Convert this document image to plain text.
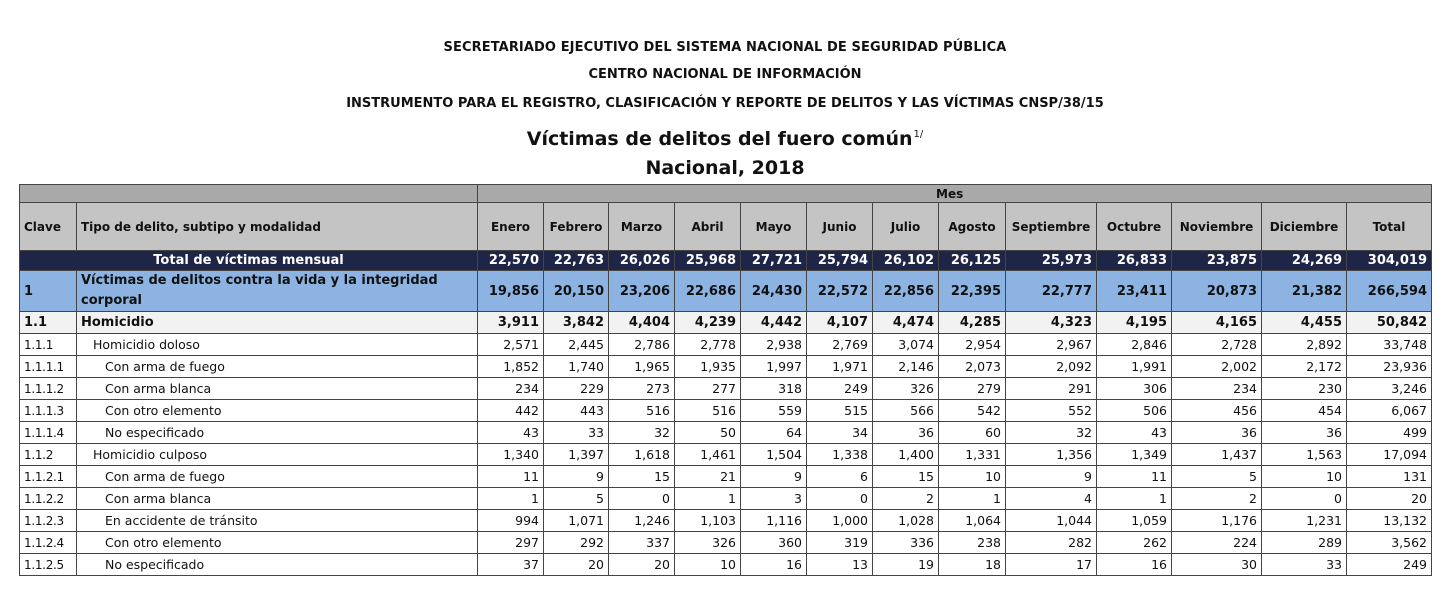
SECRETARIADO EJECUTIVO DEL SISTEMA NACIONAL DE SEGURIDAD PÚBLICA
CENTRO NACIONAL DE INFORMACIÓN
INSTRUMENTO PARA EL REGISTRO, CLASIFICACIÓN Y REPORTE DE DELITOS Y LAS VÍCTIMAS CNSP/38/15
Víctimas de delitos del fuero común$^{1/}$
Nacional, 2018
		Mes												
Clave	Tipo de delito, subtipo y modalidad	Enero	Febrero	Marzo	Abril	Mayo	Junio	Julio	Agosto	Septiembre	Octubre	Noviembre	Diciembre	Total
Total de víctimas mensual		22,570	22,763	26,026	25,968	27,721	25,794	26,102	26,125	25,973	26,833	23,875	24,269	304,019
1	Víctimas de delitos contra la vida y la integridad corporal	19,856	20,150	23,206	22,686	24,430	22,572	22,856	22,395	22,777	23,411	20,873	21,382	266,594
1.1	Homicidio	3,911	3,842	4,404	4,239	4,442	4,107	4,474	4,285	4,323	4,195	4,165	4,455	50,842
1.1.1	Homicidio doloso	2,571	2,445	2,786	2,778	2,938	2,769	3,074	2,954	2,967	2,846	2,728	2,892	33,748
1.1.1.1	Con arma de fuego	1,852	1,740	1,965	1,935	1,997	1,971	2,146	2,073	2,092	1,991	2,002	2,172	23,936
1.1.1.2	Con arma blanca	234	229	273	277	318	249	326	279	291	306	234	230	3,246
1.1.1.3	Con otro elemento	442	443	516	516	559	515	566	542	552	506	456	454	6,067
1.1.1.4	No especificado	43	33	32	50	64	34	36	60	32	43	36	36	499
1.1.2	Homicidio culposo	1,340	1,397	1,618	1,461	1,504	1,338	1,400	1,331	1,356	1,349	1,437	1,563	17,094
1.1.2.1	Con arma de fuego	11	9	15	21	9	6	15	10	9	11	5	10	131
1.1.2.2	Con arma blanca	1	5	0	1	3	0	2	1	4	1	2	0	20
1.1.2.3	En accidente de tránsito	994	1,071	1,246	1,103	1,116	1,000	1,028	1,064	1,044	1,059	1,176	1,231	13,132
1.1.2.4	Con otro elemento	297	292	337	326	360	319	336	238	282	262	224	289	3,562
1.1.2.5	No especificado	37	20	20	10	16	13	19	18	17	16	30	33	249
